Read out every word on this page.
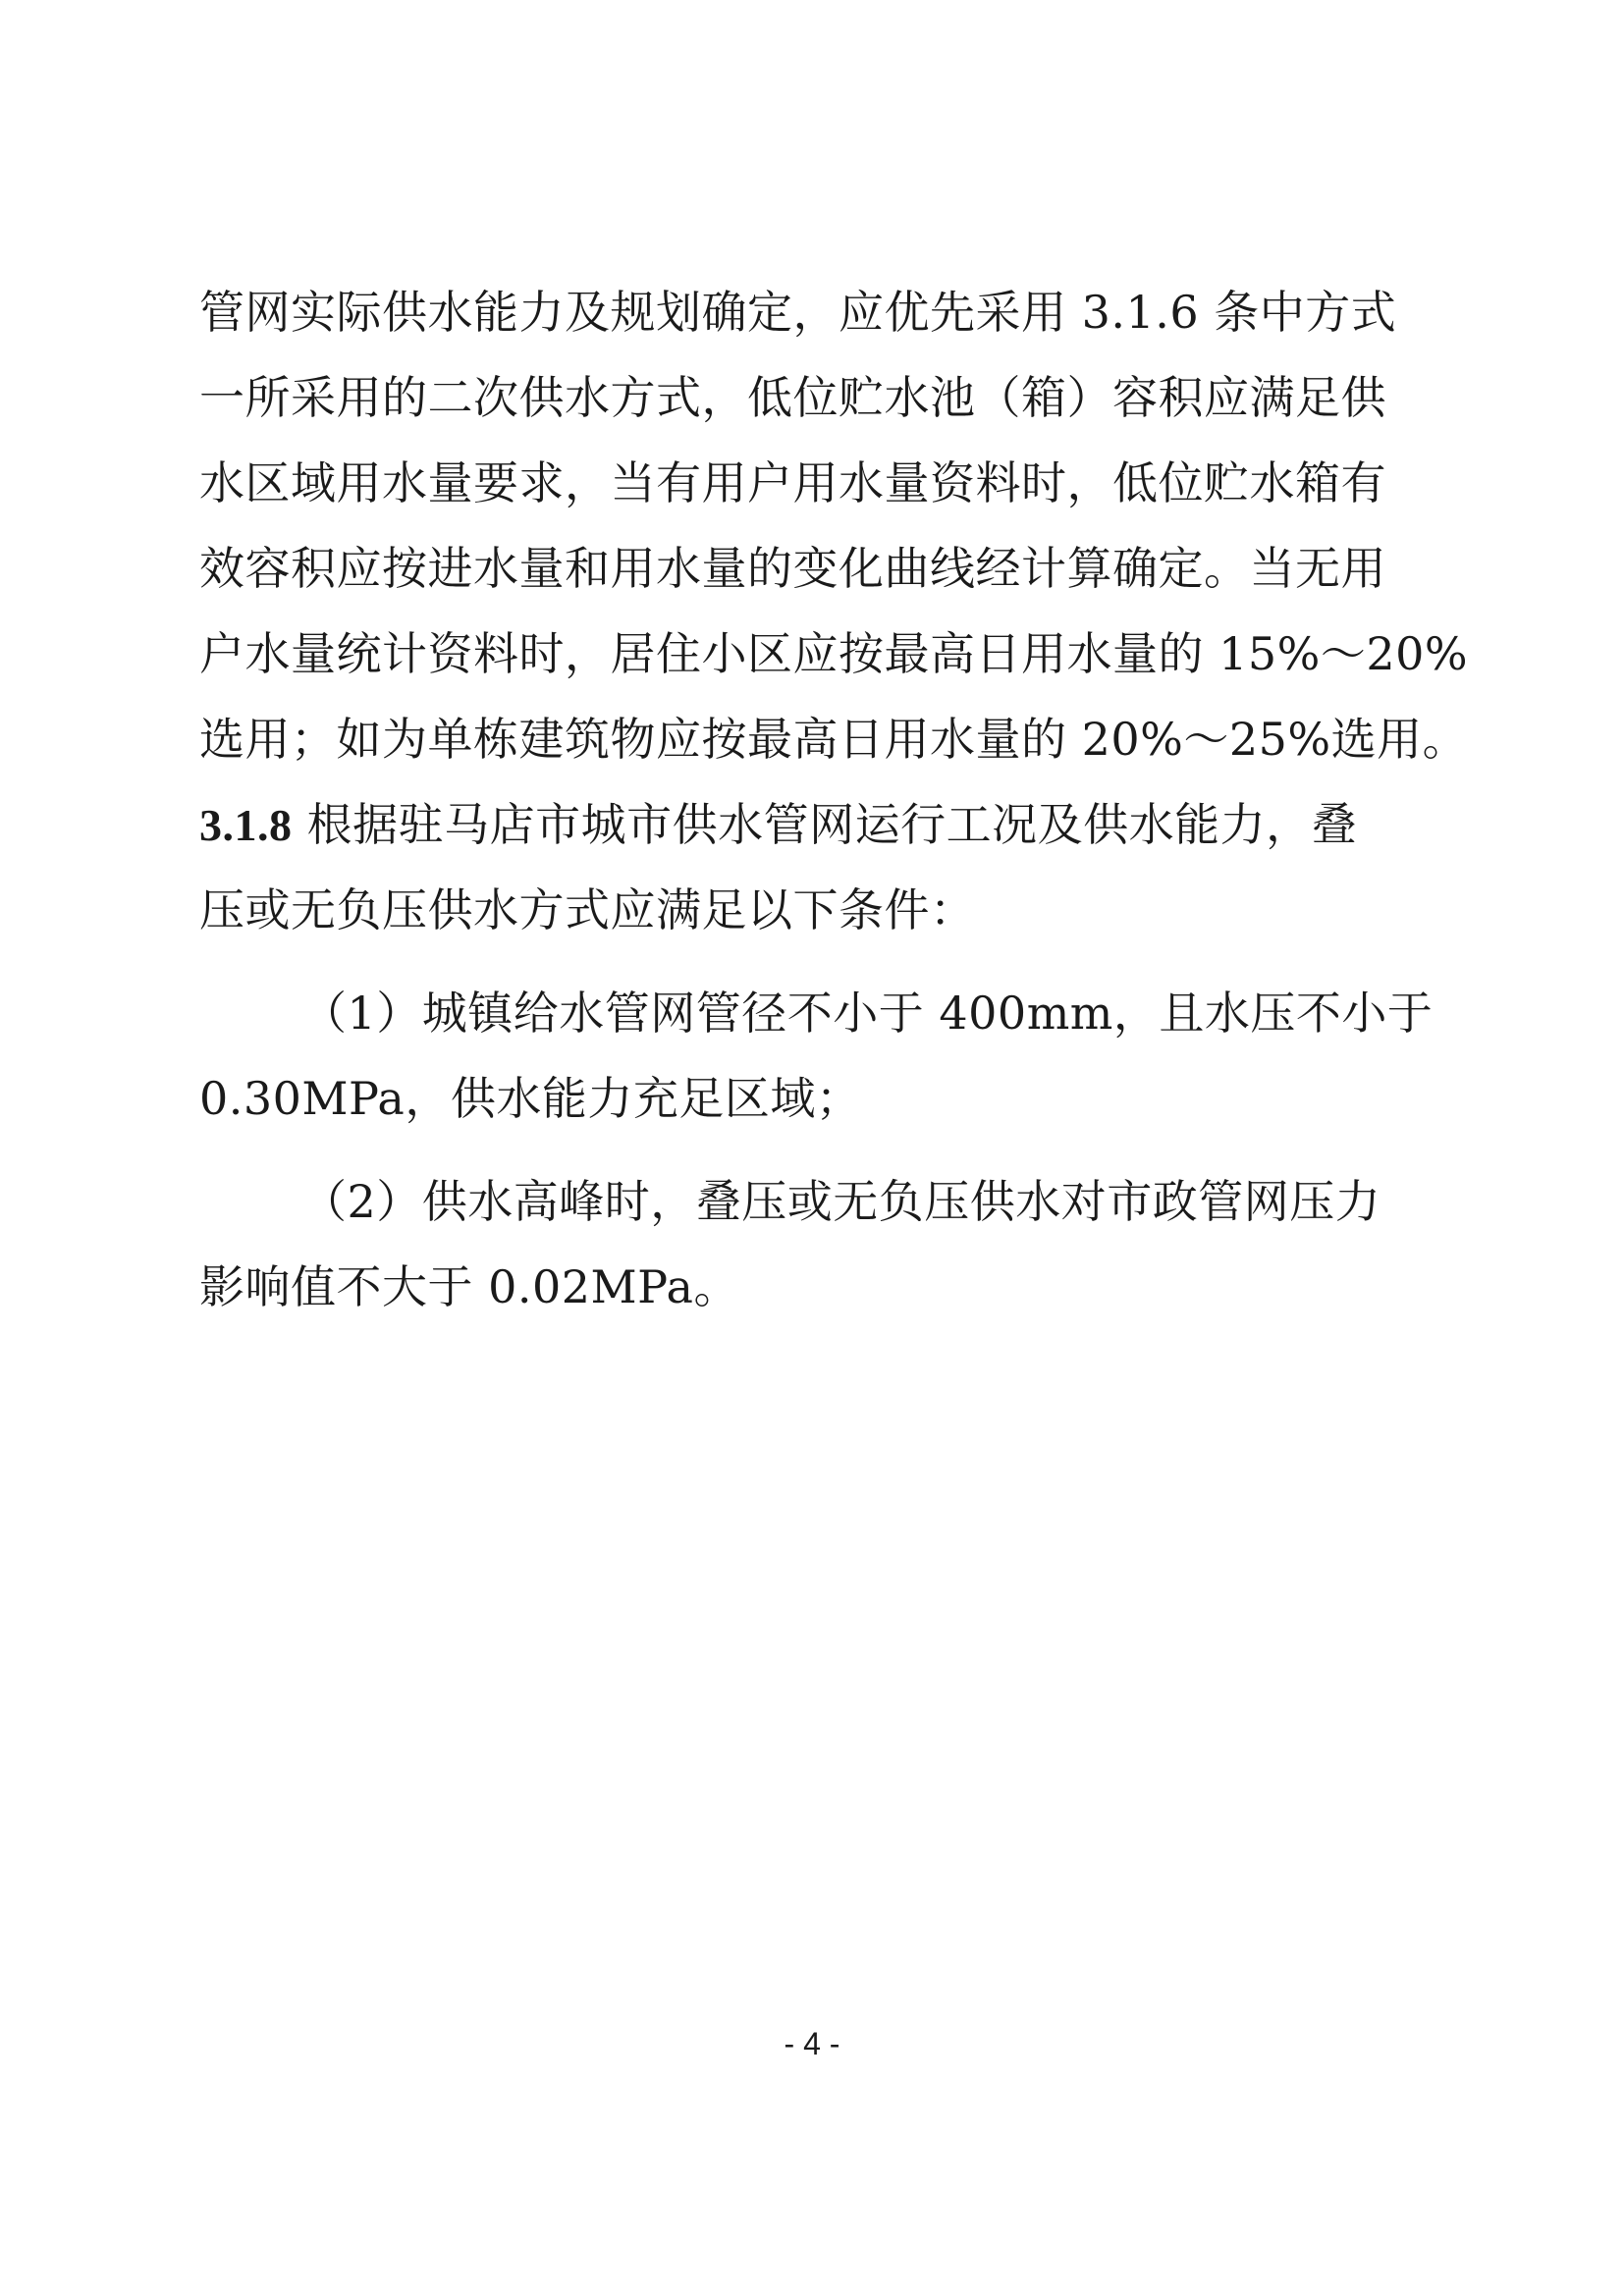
管网实际供水能力及规划确定，应优先采用 3.1.6 条中方式
一所采用的二次供水方式，低位贮水池（箱）容积应满足供
水区域用水量要求，当有用户用水量资料时，低位贮水箱有
效容积应按进水量和用水量的变化曲线经计算确定。当无用
户水量统计资料时，居住小区应按最高日用水量的 15%～20%
选用；如为单栋建筑物应按最高日用水量的 20%～25%选用。
3.1.8 根据驻马店市城市供水管网运行工况及供水能力，叠
压或无负压供水方式应满足以下条件：
（1）城镇给水管网管径不小于 400mm，且水压不小于
0.30MPa，供水能力充足区域；
（2）供水高峰时，叠压或无负压供水对市政管网压力
影响值不大于 0.02MPa。
- 4 -
